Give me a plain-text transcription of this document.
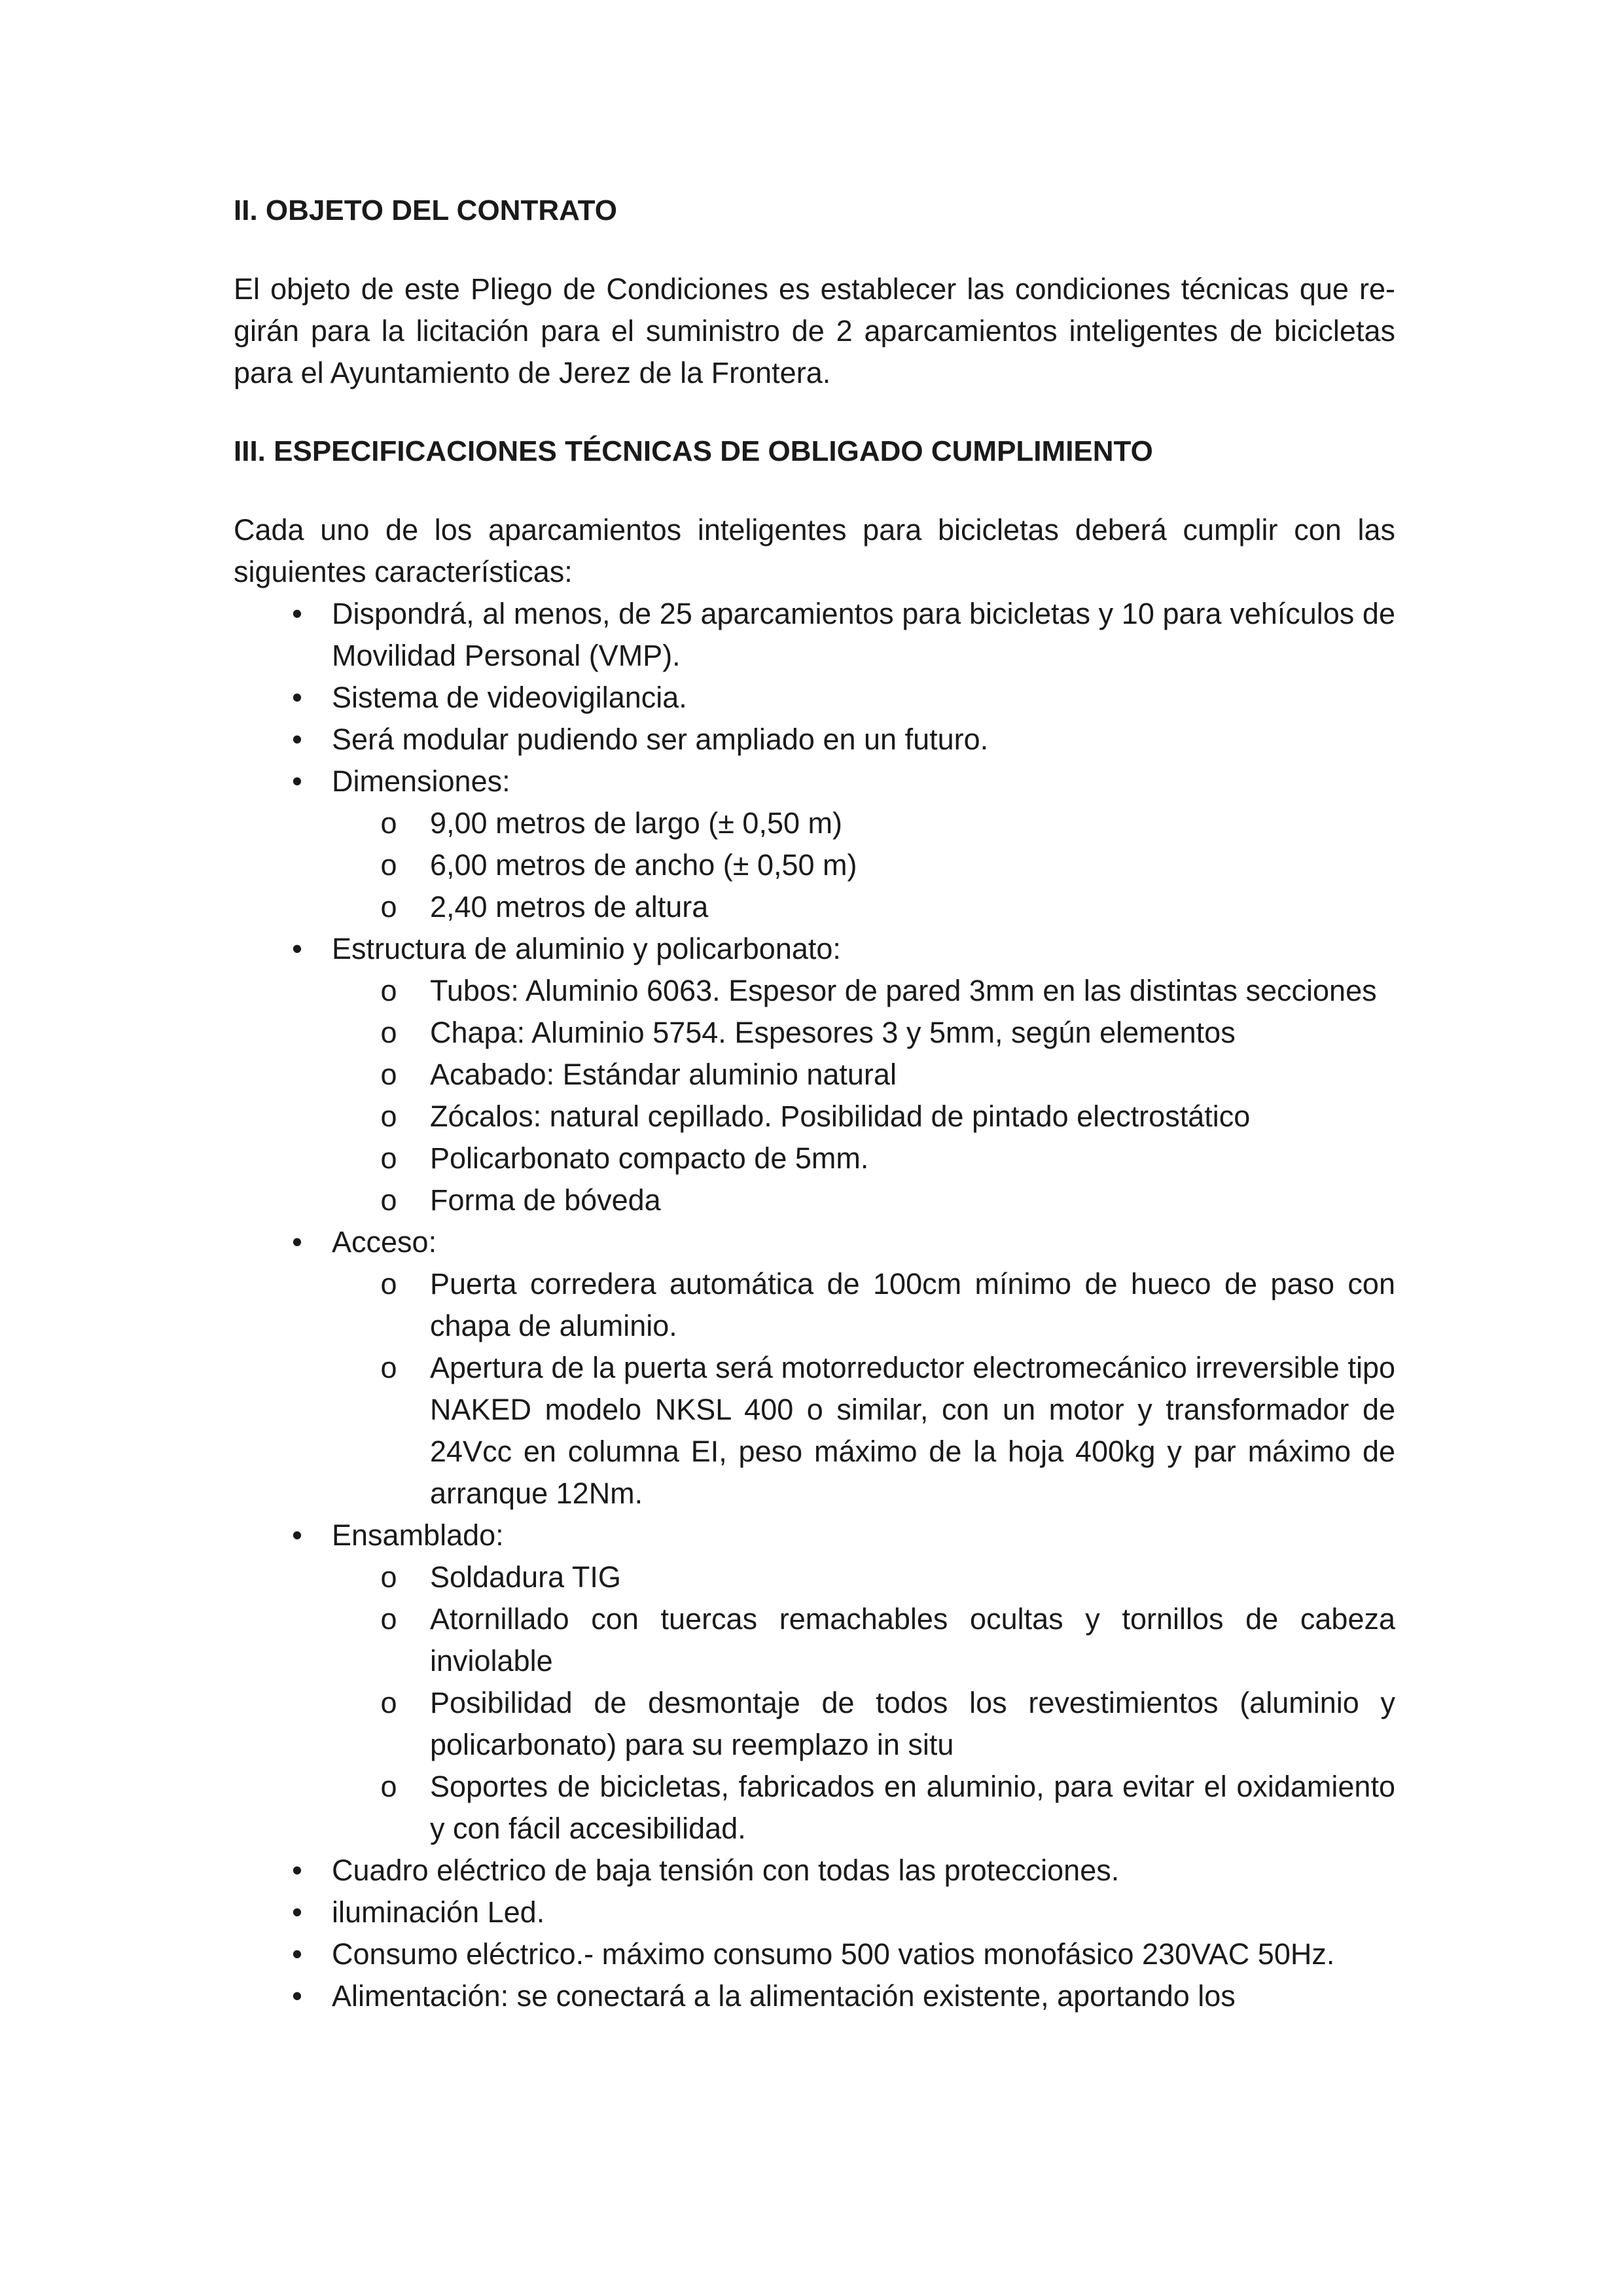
II. OBJETO DEL CONTRATO

El objeto de este Pliego de Condiciones es establecer las condiciones técnicas que re-girán para la licitación para el suministro de 2 aparcamientos inteligentes de bicicletas para el Ayuntamiento de Jerez de la Frontera.

III. ESPECIFICACIONES TÉCNICAS DE OBLIGADO CUMPLIMIENTO

Cada uno de los aparcamientos inteligentes para bicicletas deberá cumplir con las siguientes características:

• Dispondrá, al menos, de 25 aparcamientos para bicicletas y 10 para vehículos de Movilidad Personal (VMP).
• Sistema de videovigilancia.
• Será modular pudiendo ser ampliado en un futuro.
• Dimensiones:
o 9,00 metros de largo (± 0,50 m)
o 6,00 metros de ancho (± 0,50 m)
o 2,40 metros de altura
• Estructura de aluminio y policarbonato:
o Tubos: Aluminio 6063. Espesor de pared 3mm en las distintas secciones
o Chapa: Aluminio 5754. Espesores 3 y 5mm, según elementos
o Acabado: Estándar aluminio natural
o Zócalos: natural cepillado. Posibilidad de pintado electrostático
o Policarbonato compacto de 5mm.
o Forma de bóveda
• Acceso:
o Puerta corredera automática de 100cm mínimo de hueco de paso con chapa de aluminio.
o Apertura de la puerta será motorreductor electromecánico irreversible tipo NAKED modelo NKSL 400 o similar, con un motor y transformador de 24Vcc en columna EI, peso máximo de la hoja 400kg y par máximo de arranque 12Nm.
• Ensamblado:
o Soldadura TIG
o Atornillado con tuercas remachables ocultas y tornillos de cabeza inviolable
o Posibilidad de desmontaje de todos los revestimientos (aluminio y policarbonato) para su reemplazo in situ
o Soportes de bicicletas, fabricados en aluminio, para evitar el oxidamiento y con fácil accesibilidad.
• Cuadro eléctrico de baja tensión con todas las protecciones.
• iluminación Led.
• Consumo eléctrico.- máximo consumo 500 vatios monofásico 230VAC 50Hz.
• Alimentación: se conectará a la alimentación existente, aportando los
